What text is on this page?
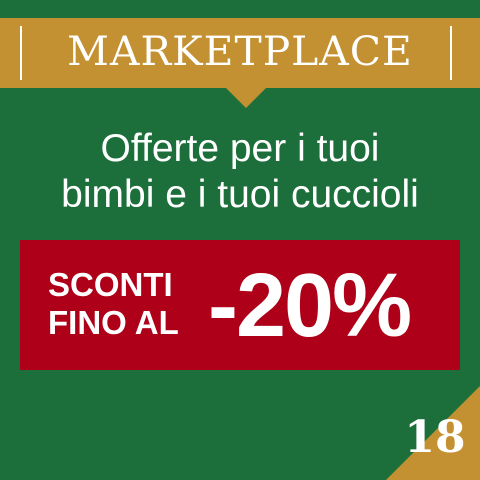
MARKETPLACE
Offerte per i tuoi
bimbi e i tuoi cuccioli
SCONTI
FINO AL -20%
18
